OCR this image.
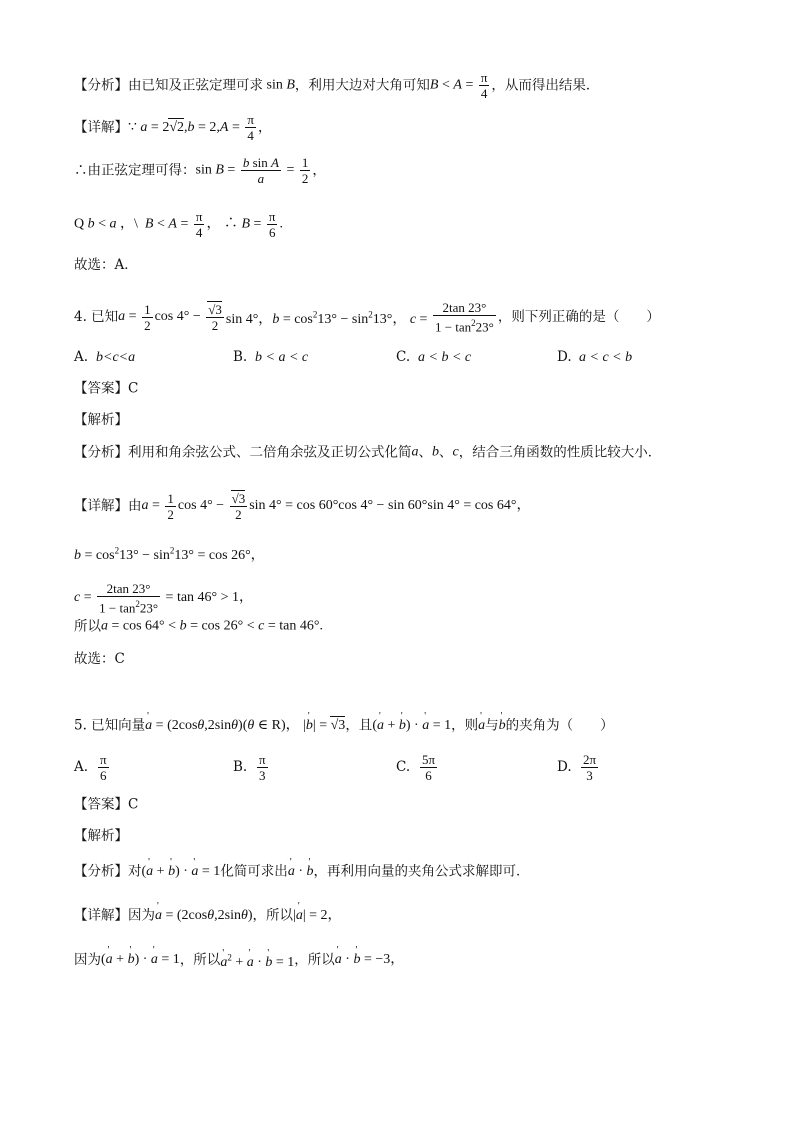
【分析】由已知及正弦定理可求 sin B，利用大边对大角可知$B < A = \frac{\pi}{4}$ ，从而得出结果．
【详解】∵ $a = 2√2,b = 2,A = \frac{\pi}{4}$ ，
∴由正弦定理可得：$\sin B = \frac{\text{b sin A}}{a} = \frac{1}{2}$ ，
Q b < a ，\  $B < A = \frac{\pi}{4}$ ， ∴ $B = \frac{\pi}{6}$ .
故选：A．
4. 已知$a = \frac{1}{2}$ $\cos 4^\circ - \frac{√3}{2}$ sin 4°，$b = \cos^213^\circ - \sin^213^\circ$， $c = \frac{2\tan 23^\circ}{1 - \tan^223^\circ}$ ，则下列正确的是（　　）
A. b<c<a	B. b < a < c	C. a < b < c	D. a < c < b
【答案】C
【解析】
【分析】利用和角余弦公式、二倍角余弦及正切公式化简a、b、c，结合三角函数的性质比较大小．
【详解】由$a = \frac{1}{2}$ $\cos 4^\circ - \frac{√3}{2}$ sin 4° = cos 60°cos 4° − sin 60°sin 4° = cos 64°，
$b = \cos^213^\circ - \sin^213^\circ = \cos 26^\circ$，
$c = \frac{2\tan 23^\circ}{1 - \tan^223^\circ} = \tan 46^\circ > 1$，
所以a = cos 64° < b = cos 26° < c = tan 46°.
故选：C
5. 已知向量' a = (2cosθ,2sinθ)(θ ∈ R)， |' b| = √3，且(' a + ' b) · ' a = 1，则' a与' b的夹角为（　　）
A. $\frac{\pi}{6}$	B. $\frac{\pi}{3}$	C. $\frac{5\pi}{6}$	D. $\frac{2\pi}{3}$
【答案】C
【解析】
【分析】对(' a + ' b) · ' a = 1化简可求出' a · ' b，再利用向量的夹角公式求解即可．
【详解】因为' a = (2cosθ,2sinθ)，所以|' a| = 2，
因为(' a + ' b) · ' a = 1，所以' $a^2$ + ' a · ' b = 1，所以' a · ' b = −3，
